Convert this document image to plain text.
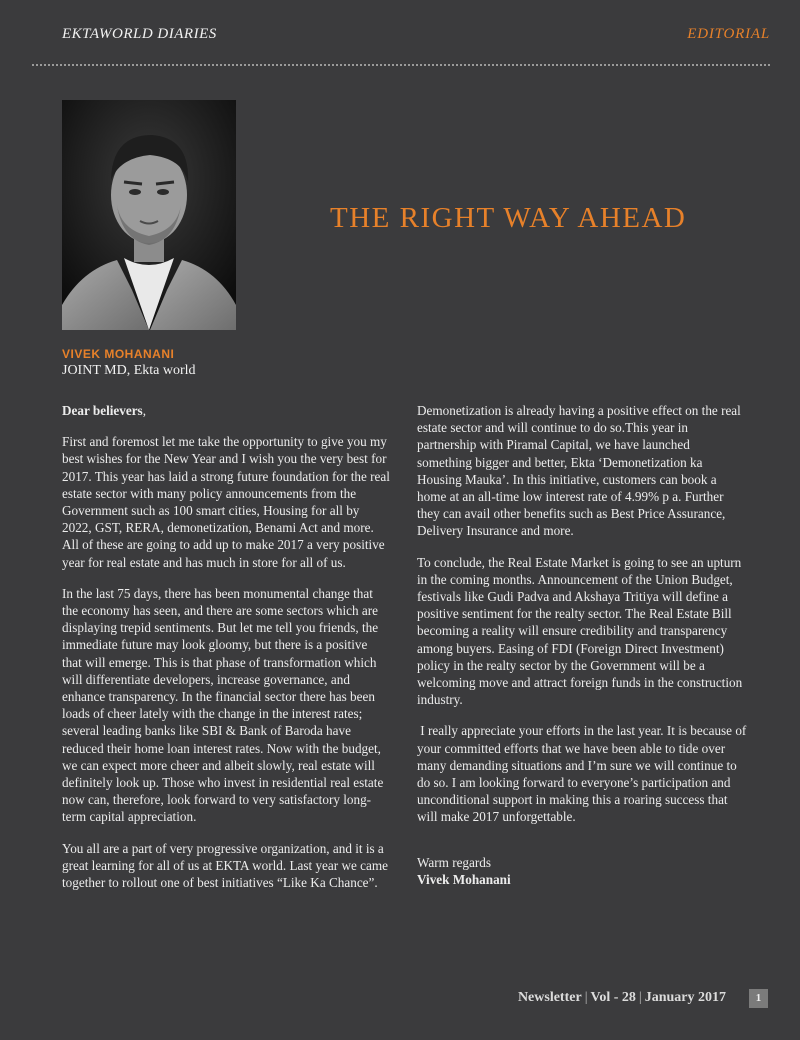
EKTAWORLD DIARIES	EDITORIAL
VIVEK MOHANANI
JOINT MD, Ekta world
THE RIGHT WAY AHEAD

Dear believers,

First and foremost let me take the opportunity to give you my best wishes for the New Year and I wish you the very best for 2017. This year has laid a strong future foundation for the real estate sector with many policy announcements from the Government such as 100 smart cities, Housing for all by 2022, GST, RERA, demonetization, Benami Act and more. All of these are going to add up to make 2017 a very positive year for real estate and has much in store for all of us.

In the last 75 days, there has been monumental change that the economy has seen, and there are some sectors which are displaying trepid sentiments. But let me tell you friends, the immediate future may look gloomy, but there is a positive that will emerge. This is that phase of transformation which will differentiate developers, increase governance, and enhance transparency. In the financial sector there has been loads of cheer lately with the change in the interest rates; several leading banks like SBI & Bank of Baroda have reduced their home loan interest rates. Now with the budget, we can expect more cheer and albeit slowly, real estate will definitely look up. Those who invest in residential real estate now can, therefore, look forward to very satisfactory long-term capital appreciation.

You all are a part of very progressive organization, and it is a great learning for all of us at EKTA world. Last year we came together to rollout one of best initiatives “Like Ka Chance”.

Demonetization is already having a positive effect on the real estate sector and will continue to do so.This year in partnership with Piramal Capital, we have launched something bigger and better, Ekta ‘Demonetization ka Housing Mauka’. In this initiative, customers can book a home at an all-time low interest rate of 4.99% p a. Further they can avail other benefits such as Best Price Assurance, Delivery Insurance and more.

To conclude, the Real Estate Market is going to see an upturn in the coming months. Announcement of the Union Budget, festivals like Gudi Padva and Akshaya Tritiya will define a positive sentiment for the realty sector. The Real Estate Bill becoming a reality will ensure credibility and transparency among buyers. Easing of FDI (Foreign Direct Investment) policy in the realty sector by the Government will be a welcoming move and attract foreign funds in the construction industry.

I really appreciate your efforts in the last year. It is because of your committed efforts that we have been able to tide over many demanding situations and I’m sure we will continue to do so. I am looking forward to everyone’s participation and unconditional support in making this a roaring success that will make 2017 unforgettable.

Warm regards
Vivek Mohanani
Newsletter | Vol - 28 | January 2017	1
